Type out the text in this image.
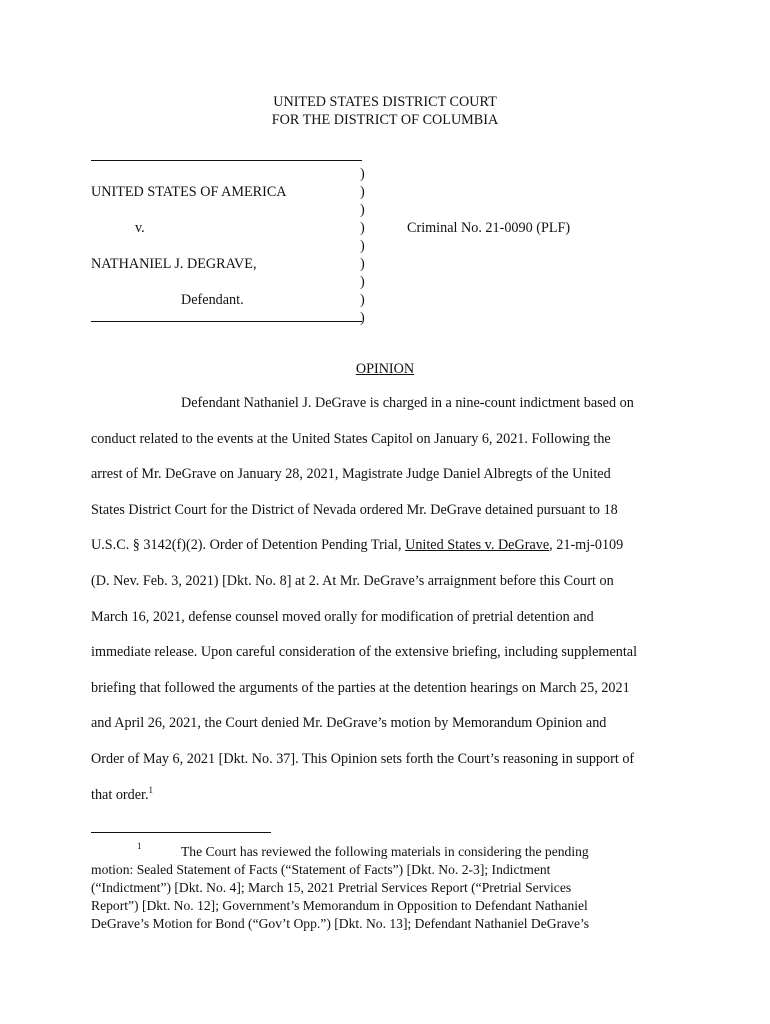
UNITED STATES DISTRICT COURT
FOR THE DISTRICT OF COLUMBIA
)
)
)
)
)
)
)
)
)
UNITED STATES OF AMERICA
v.
NATHANIEL J. DEGRAVE,
Defendant.
Criminal No. 21-0090 (PLF)
OPINION
Defendant Nathaniel J. DeGrave is charged in a nine-count indictment based on
conduct related to the events at the United States Capitol on January 6, 2021. Following the
arrest of Mr. DeGrave on January 28, 2021, Magistrate Judge Daniel Albregts of the United
States District Court for the District of Nevada ordered Mr. DeGrave detained pursuant to 18
U.S.C. § 3142(f)(2). Order of Detention Pending Trial, United States v. DeGrave, 21-mj-0109
(D. Nev. Feb. 3, 2021) [Dkt. No. 8] at 2. At Mr. DeGrave’s arraignment before this Court on
March 16, 2021, defense counsel moved orally for modification of pretrial detention and
immediate release. Upon careful consideration of the extensive briefing, including supplemental
briefing that followed the arguments of the parties at the detention hearings on March 25, 2021
and April 26, 2021, the Court denied Mr. DeGrave’s motion by Memorandum Opinion and
Order of May 6, 2021 [Dkt. No. 37]. This Opinion sets forth the Court’s reasoning in support of
that order.$^1$
$^1$	The Court has reviewed the following materials in considering the pending
motion: Sealed Statement of Facts (“Statement of Facts”) [Dkt. No. 2-3]; Indictment
(“Indictment”) [Dkt. No. 4]; March 15, 2021 Pretrial Services Report (“Pretrial Services
Report”) [Dkt. No. 12]; Government’s Memorandum in Opposition to Defendant Nathaniel
DeGrave’s Motion for Bond (“Gov’t Opp.”) [Dkt. No. 13]; Defendant Nathaniel DeGrave’s
